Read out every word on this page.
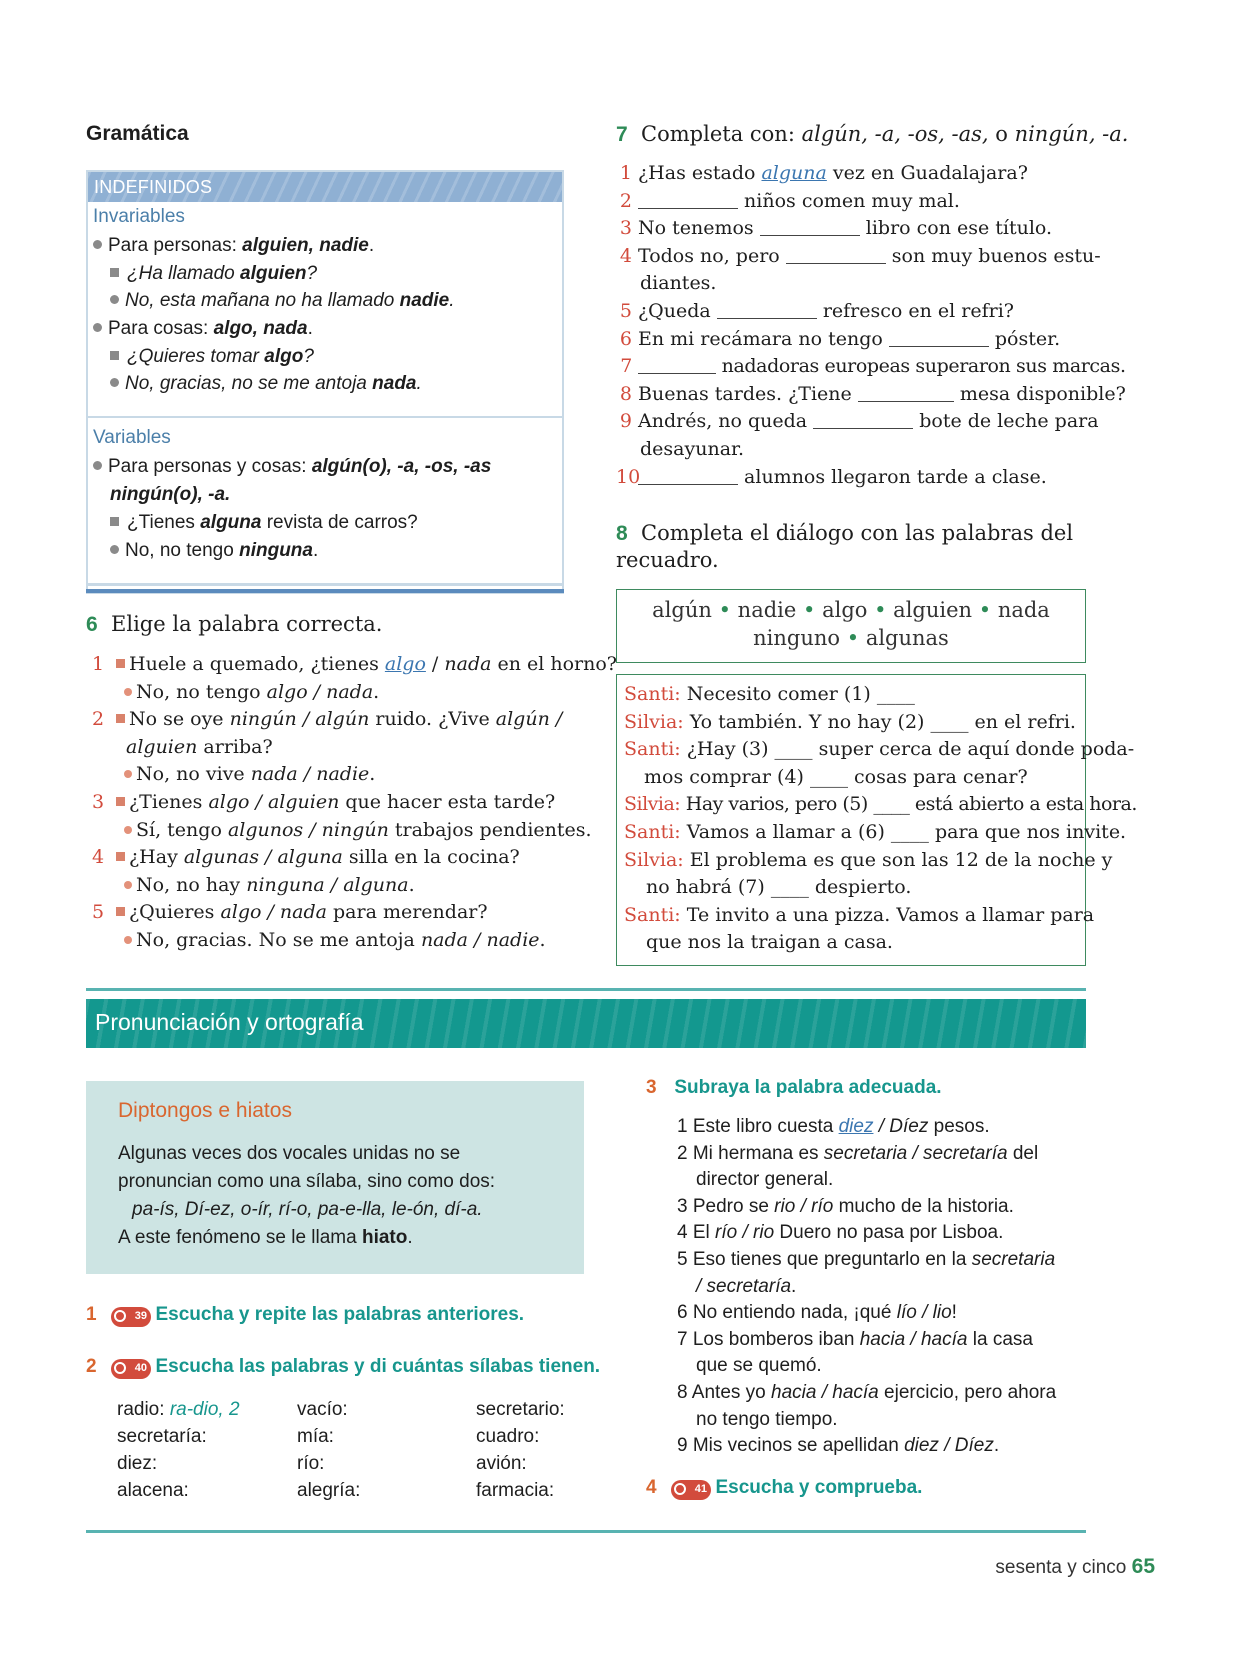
Gramática
INDEFINIDOS
Invariables
Para personas: alguien, nadie.
¿Ha llamado alguien?
No, esta mañana no ha llamado nadie.
Para cosas: algo, nada.
¿Quieres tomar algo?
No, gracias, no se me antoja nada.
Variables
Para personas y cosas: algún(o), -a, -os, -as
ningún(o), -a.
¿Tienes alguna revista de carros?
No, no tengo ninguna.
6 Elige la palabra correcta.
1 Huele a quemado, ¿tienes algo / nada en el horno?
No, no tengo algo / nada.
2 No se oye ningún / algún ruido. ¿Vive algún /
alguien arriba?
No, no vive nada / nadie.
3 ¿Tienes algo / alguien que hacer esta tarde?
Sí, tengo algunos / ningún trabajos pendientes.
4 ¿Hay algunas / alguna silla en la cocina?
No, no hay ninguna / alguna.
5 ¿Quieres algo / nada para merendar?
No, gracias. No se me antoja nada / nadie.
7 Completa con: algún, -a, -os, -as, o ningún, -a.
1 ¿Has estado alguna vez en Guadalajara?
2	niños comen muy mal.
3 No tenemos	libro con ese título.
4 Todos no, pero	son muy buenos estu-
diantes.
5 ¿Queda	refresco en el refri?
6 En mi recámara no tengo	póster.
7	nadadoras europeas superaron sus marcas.
8 Buenas tardes. ¿Tiene	mesa disponible?
9 Andrés, no queda	bote de leche para
desayunar.
10	alumnos llegaron tarde a clase.
8 Completa el diálogo con las palabras del
recuadro.
algún • nadie • algo • alguien • nada
ninguno • algunas
Santi: Necesito comer (1) ____
Silvia: Yo también. Y no hay (2) ____ en el refri.
Santi: ¿Hay (3) ____ super cerca de aquí donde poda-
mos comprar (4) ____ cosas para cenar?
Silvia: Hay varios, pero (5) ____ está abierto a esta hora.
Santi: Vamos a llamar a (6) ____ para que nos invite.
Silvia: El problema es que son las 12 de la noche y
no habrá (7) ____ despierto.
Santi: Te invito a una pizza. Vamos a llamar para
que nos la traigan a casa.
Pronunciación y ortografía
Diptongos e hiatos
Algunas veces dos vocales unidas no se
pronuncian como una sílaba, sino como dos:
pa-ís, Dí-ez, o-ír, rí-o, pa-e-lla, le-ón, dí-a.
A este fenómeno se le llama hiato.
1	39 Escucha y repite las palabras anteriores.
2	40 Escucha las palabras y di cuántas sílabas tienen.
radio: ra-dio, 2	vacío:	secretario:
secretaría:	mía:	cuadro:
diez:	río:	avión:
alacena:	alegría:	farmacia:
3 Subraya la palabra adecuada.
1 Este libro cuesta diez / Díez pesos.
2 Mi hermana es secretaria / secretaría del
director general.
3 Pedro se rio / río mucho de la historia.
4 El río / rio Duero no pasa por Lisboa.
5 Eso tienes que preguntarlo en la secretaria
/ secretaría.
6 No entiendo nada, ¡qué lío / lio!
7 Los bomberos iban hacia / hacía la casa
que se quemó.
8 Antes yo hacia / hacía ejercicio, pero ahora
no tengo tiempo.
9 Mis vecinos se apellidan diez / Díez.
4	41 Escucha y comprueba.
sesenta y cinco 65
